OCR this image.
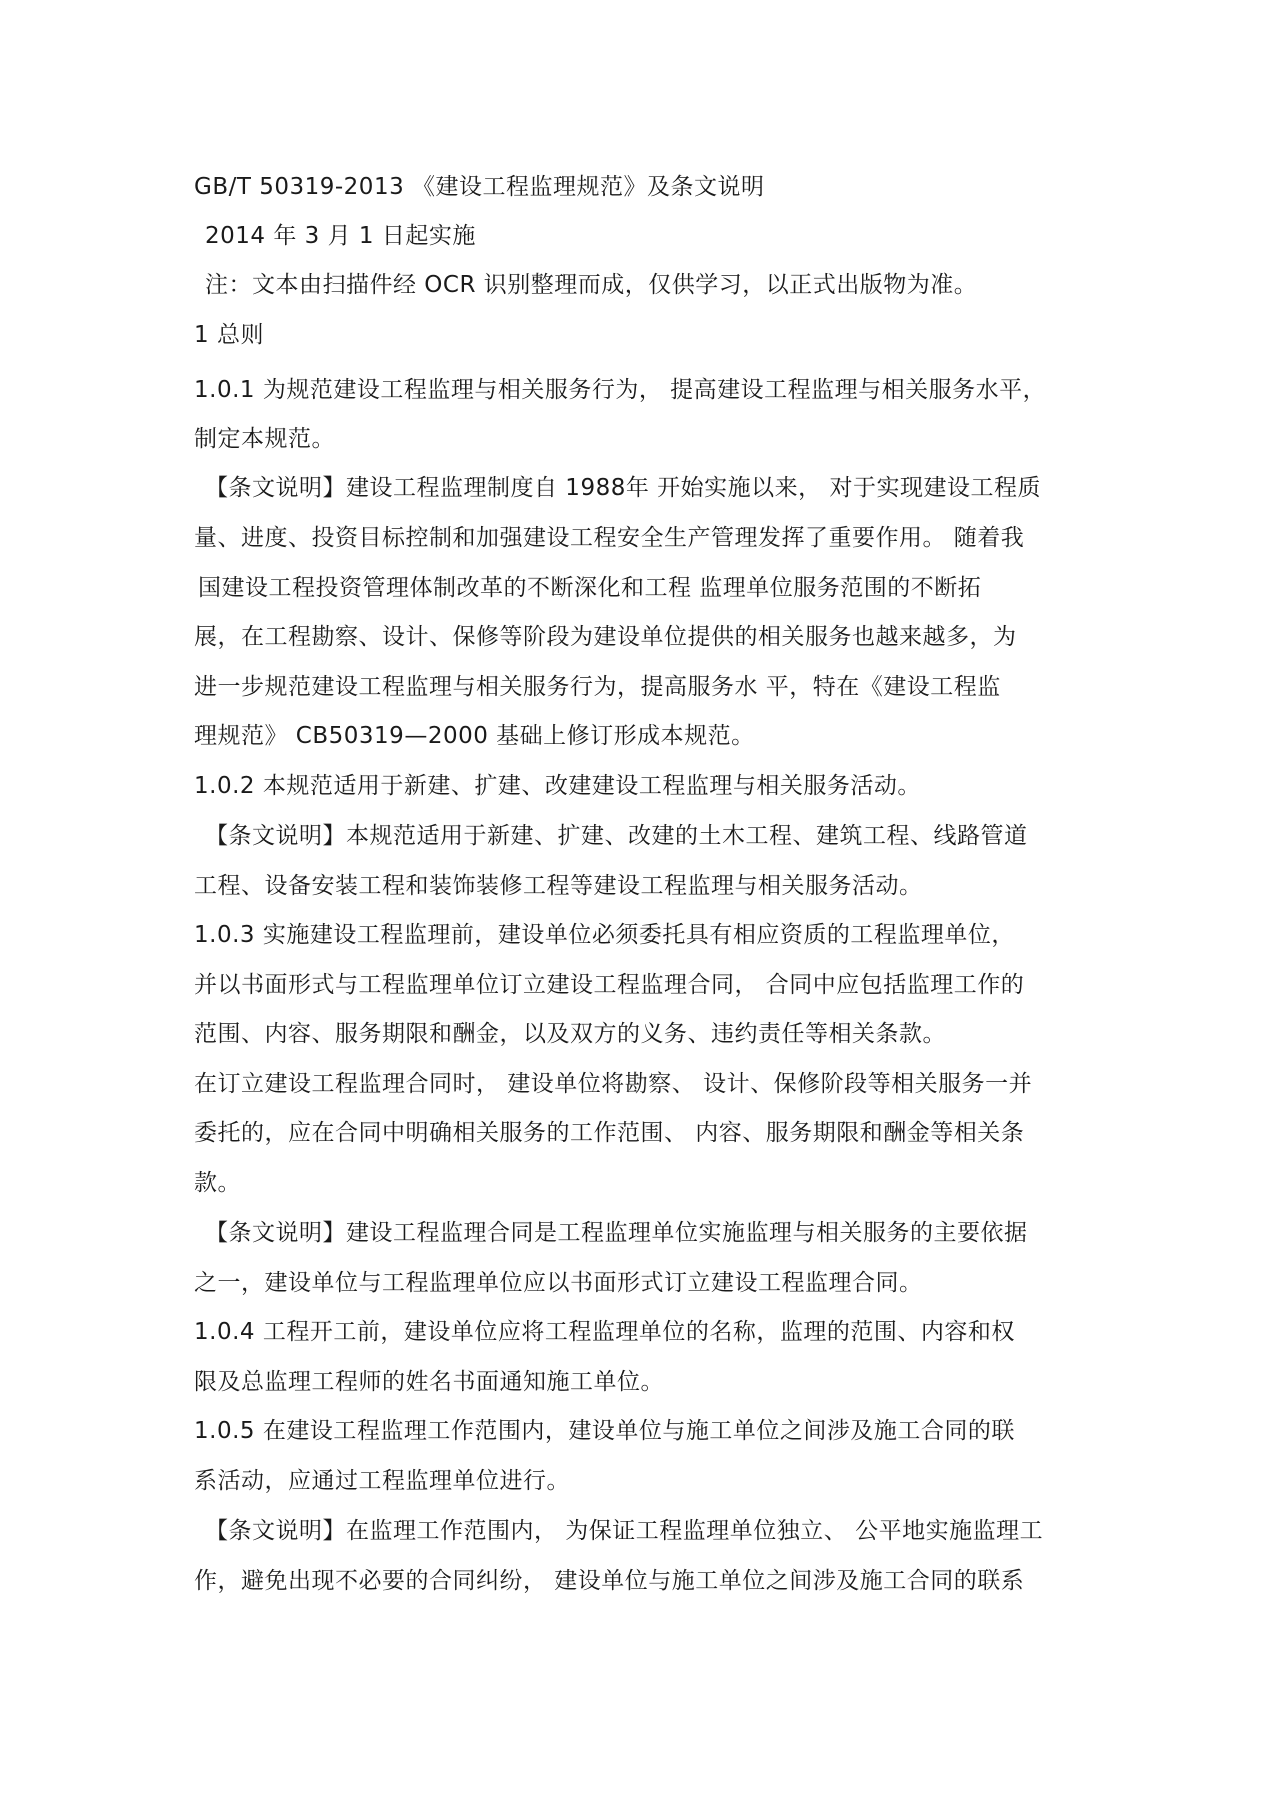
GB/T 50319-2013 《建设工程监理规范》及条文说明
2014 年 3 月 1 日起实施
注：文本由扫描件经 OCR 识别整理而成，仅供学习，以正式出版物为准。
1 总则
1.0.1 为规范建设工程监理与相关服务行为， 提高建设工程监理与相关服务水平，
制定本规范。
【条文说明】建设工程监理制度自 1988年 开始实施以来， 对于实现建设工程质
量、进度、投资目标控制和加强建设工程安全生产管理发挥了重要作用。 随着我
国建设工程投资管理体制改革的不断深化和工程 监理单位服务范围的不断拓
展，在工程勘察、设计、保修等阶段为建设单位提供的相关服务也越来越多，为
进一步规范建设工程监理与相关服务行为，提高服务水 平，特在《建设工程监
理规范》 CB50319—2000 基础上修订形成本规范。
1.0.2 本规范适用于新建、扩建、改建建设工程监理与相关服务活动。
【条文说明】本规范适用于新建、扩建、改建的土木工程、建筑工程、线路管道
工程、设备安装工程和装饰装修工程等建设工程监理与相关服务活动。
1.0.3 实施建设工程监理前，建设单位必须委托具有相应资质的工程监理单位，
并以书面形式与工程监理单位订立建设工程监理合同， 合同中应包括监理工作的
范围、内容、服务期限和酬金，以及双方的义务、违约责任等相关条款。
在订立建设工程监理合同时， 建设单位将勘察、 设计、保修阶段等相关服务一并
委托的，应在合同中明确相关服务的工作范围、 内容、服务期限和酬金等相关条
款。
【条文说明】建设工程监理合同是工程监理单位实施监理与相关服务的主要依据
之一，建设单位与工程监理单位应以书面形式订立建设工程监理合同。
1.0.4 工程开工前，建设单位应将工程监理单位的名称，监理的范围、内容和权
限及总监理工程师的姓名书面通知施工单位。
1.0.5 在建设工程监理工作范围内，建设单位与施工单位之间涉及施工合同的联
系活动，应通过工程监理单位进行。
【条文说明】在监理工作范围内， 为保证工程监理单位独立、 公平地实施监理工
作，避免出现不必要的合同纠纷， 建设单位与施工单位之间涉及施工合同的联系
